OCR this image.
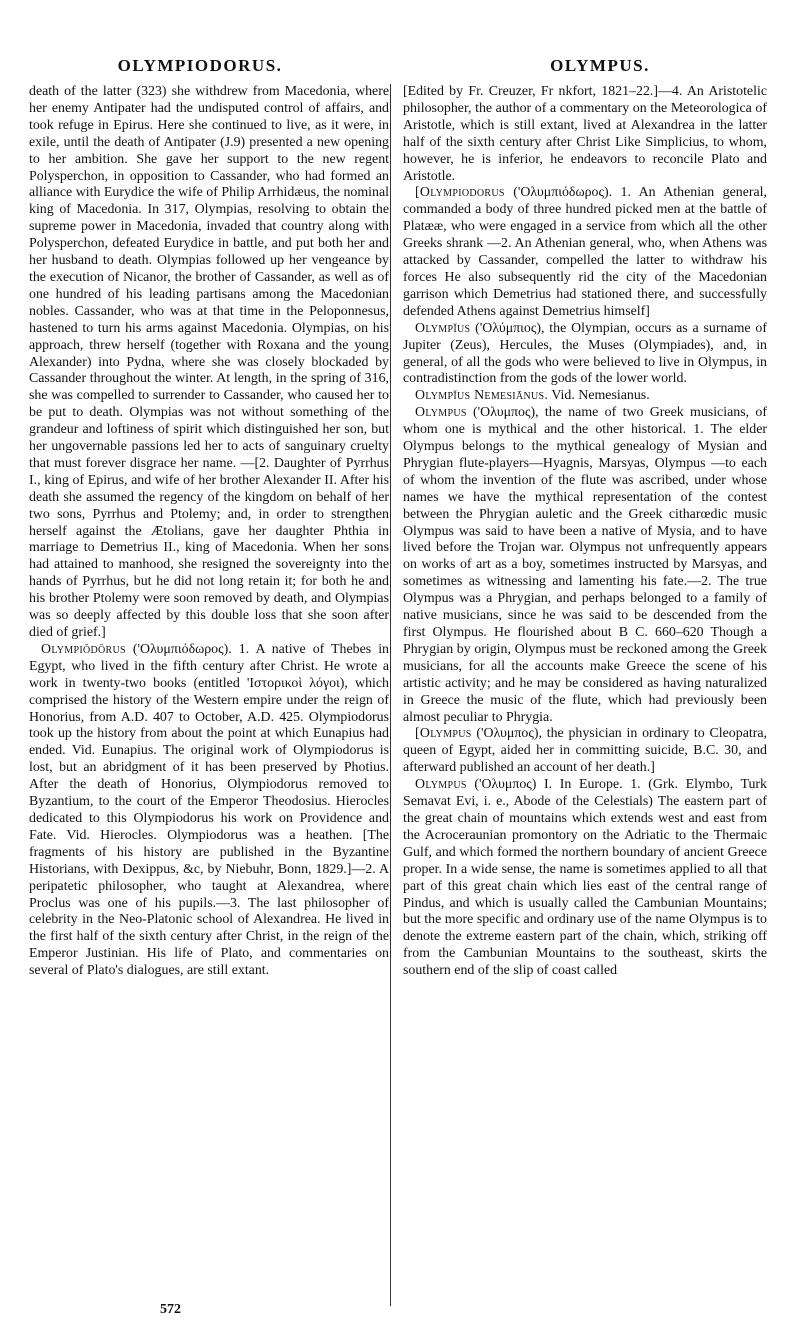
OLYMPIODORUS.	OLYMPUS.

death of the latter (323) she withdrew from Macedonia, where her enemy Antipater had the undisputed control of affairs, and took refuge in Epirus. Here she continued to live, as it were, in exile, until the death of Antipater (J.9) presented a new opening to her ambition. She gave her support to the new regent Polysperchon, in opposition to Cassander, who had formed an alliance with Eurydice the wife of Philip Arrhidæus, the nominal king of Macedonia. In 317, Olympias, resolving to obtain the supreme power in Macedonia, invaded that country along with Polysperchon, defeated Eurydice in battle, and put both her and her husband to death. Olympias followed up her vengeance by the execution of Nicanor, the brother of Cassander, as well as of one hundred of his leading partisans among the Macedonian nobles. Cassander, who was at that time in the Peloponnesus, hastened to turn his arms against Macedonia. Olympias, on his approach, threw herself (together with Roxana and the young Alexander) into Pydna, where she was closely blockaded by Cassander throughout the winter. At length, in the spring of 316, she was compelled to surrender to Cassander, who caused her to be put to death. Olympias was not without something of the grandeur and loftiness of spirit which distinguished her son, but her ungovernable passions led her to acts of sanguinary cruelty that must forever disgrace her name. —[2. Daughter of Pyrrhus I., king of Epirus, and wife of her brother Alexander II. After his death she assumed the regency of the kingdom on behalf of her two sons, Pyrrhus and Ptolemy; and, in order to strengthen herself against the Ætolians, gave her daughter Phthia in marriage to Demetrius II., king of Macedonia. When her sons had attained to manhood, she resigned the sovereignty into the hands of Pyrrhus, but he did not long retain it; for both he and his brother Ptolemy were soon removed by death, and Olympias was so deeply affected by this double loss that she soon after died of grief.]

Olympiŏdōrus ('Ολυμπιόδωρος). 1. A native of Thebes in Egypt, who lived in the fifth century after Christ. He wrote a work in twenty-two books (entitled 'Ιστορικοὶ λόγοι), which comprised the history of the Western empire under the reign of Honorius, from A.D. 407 to October, A.D. 425. Olympiodorus took up the history from about the point at which Eunapius had ended. Vid. Eunapius. The original work of Olympiodorus is lost, but an abridgment of it has been preserved by Photius. After the death of Honorius, Olympiodorus removed to Byzantium, to the court of the Emperor Theodosius. Hierocles dedicated to this Olympiodorus his work on Providence and Fate. Vid. Hierocles. Olympiodorus was a heathen. [The fragments of his history are published in the Byzantine Historians, with Dexippus, &c, by Niebuhr, Bonn, 1829.]—2. A peripatetic philosopher, who taught at Alexandrea, where Proclus was one of his pupils.—3. The last philosopher of celebrity in the Neo-Platonic school of Alexandrea. He lived in the first half of the sixth century after Christ, in the reign of the Emperor Justinian. His life of Plato, and commentaries on several of Plato's dialogues, are still extant.

[Edited by Fr. Creuzer, Fr nkfort, 1821–22.]—4. An Aristotelic philosopher, the author of a commentary on the Meteorologica of Aristotle, which is still extant, lived at Alexandrea in the latter half of the sixth century after Christ Like Simplicius, to whom, however, he is inferior, he endeavors to reconcile Plato and Aristotle.

[Olympiodorus ('Ολυμπιόδωρος). 1. An Athenian general, commanded a body of three hundred picked men at the battle of Platææ, who were engaged in a service from which all the other Greeks shrank —2. An Athenian general, who, when Athens was attacked by Cassander, compelled the latter to withdraw his forces He also subsequently rid the city of the Macedonian garrison which Demetrius had stationed there, and successfully defended Athens against Demetrius himself]

Olympĭus ('Ολύμπιος), the Olympian, occurs as a surname of Jupiter (Zeus), Hercules, the Muses (Olympiades), and, in general, of all the gods who were believed to live in Olympus, in contradistinction from the gods of the lower world.

Olympĭus Nemesiānus. Vid. Nemesianus.

Olympus ('Ολυμπος), the name of two Greek musicians, of whom one is mythical and the other historical. 1. The elder Olympus belongs to the mythical genealogy of Mysian and Phrygian flute-players—Hyagnis, Marsyas, Olympus —to each of whom the invention of the flute was ascribed, under whose names we have the mythical representation of the contest between the Phrygian auletic and the Greek citharœdic music Olympus was said to have been a native of Mysia, and to have lived before the Trojan war. Olympus not unfrequently appears on works of art as a boy, sometimes instructed by Marsyas, and sometimes as witnessing and lamenting his fate.—2. The true Olympus was a Phrygian, and perhaps belonged to a family of native musicians, since he was said to be descended from the first Olympus. He flourished about B C. 660–620 Though a Phrygian by origin, Olympus must be reckoned among the Greek musicians, for all the accounts make Greece the scene of his artistic activity; and he may be considered as having naturalized in Greece the music of the flute, which had previously been almost peculiar to Phrygia.

[Olympus ('Ολυμπος), the physician in ordinary to Cleopatra, queen of Egypt, aided her in committing suicide, B.C. 30, and afterward published an account of her death.]

Olympus ('Ολυμπος) I. In Europe. 1. (Grk. Elymbo, Turk Semavat Evi, i. e., Abode of the Celestials) The eastern part of the great chain of mountains which extends west and east from the Acroceraunian promontory on the Adriatic to the Thermaic Gulf, and which formed the northern boundary of ancient Greece proper. In a wide sense, the name is sometimes applied to all that part of this great chain which lies east of the central range of Pindus, and which is usually called the Cambunian Mountains; but the more specific and ordinary use of the name Olympus is to denote the extreme eastern part of the chain, which, striking off from the Cambunian Mountains to the southeast, skirts the southern end of the slip of coast called

572
